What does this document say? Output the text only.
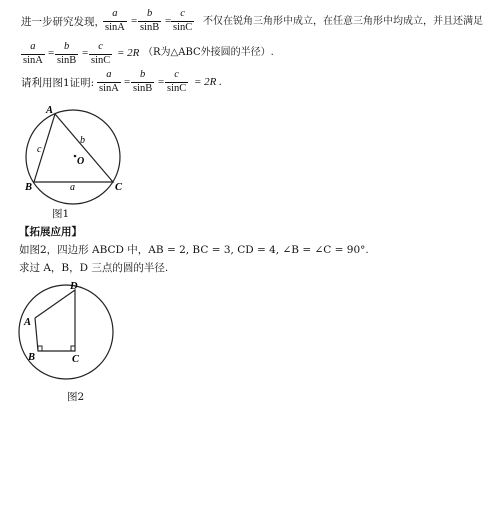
进一步研究发现，
$\frac{a}{\sin A} = \frac{b}{\sin B} = \frac{c}{\sin C}$ 不仅在锐角三角形中成立，在任意三角形中均成立，并且还满足
$\frac{a}{\sin A} = \frac{b}{\sin B} = \frac{c}{\sin C} = 2R$ （R为△ABC外接圆的半径）.
请利用图1证明: $\frac{a}{\sin A} = \frac{b}{\sin B} = \frac{c}{\sin C} = 2R$ .
A
B	C
O
a
b
c
A
B	C
D
图1
【拓展应用】
如图2，四边形 ABCD 中，AB = 2, BC = 3, CD = 4, ∠B = ∠C = 90°.
求过 A，B，D 三点的圆的半径.
图2
